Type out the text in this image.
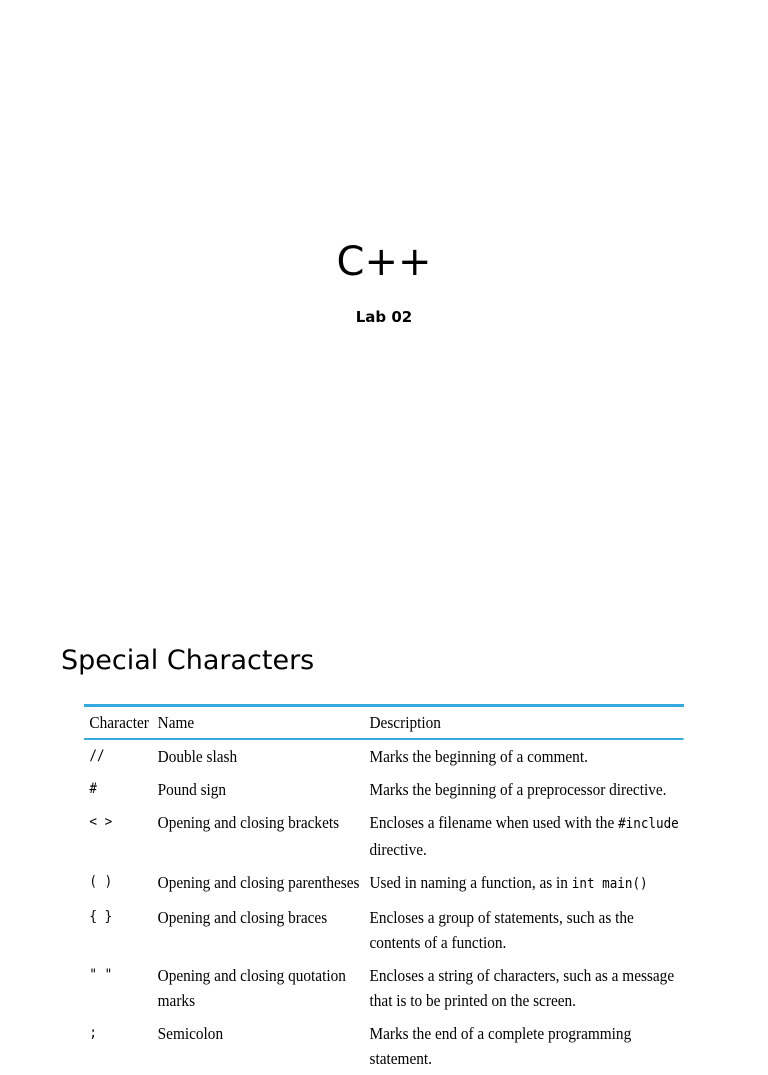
C++
Lab 02
Special Characters
Character	Name	Description
//	Double slash	Marks the beginning of a comment.
#	Pound sign	Marks the beginning of a preprocessor directive.
< >	Opening and closing brackets	Encloses a filename when used with the #include directive.
( )	Opening and closing parentheses	Used in naming a function, as in int main()
{ }	Opening and closing braces	Encloses a group of statements, such as the contents of a function.
" "	Opening and closing quotation marks	Encloses a string of characters, such as a message that is to be printed on the screen.
;	Semicolon	Marks the end of a complete programming statement.
